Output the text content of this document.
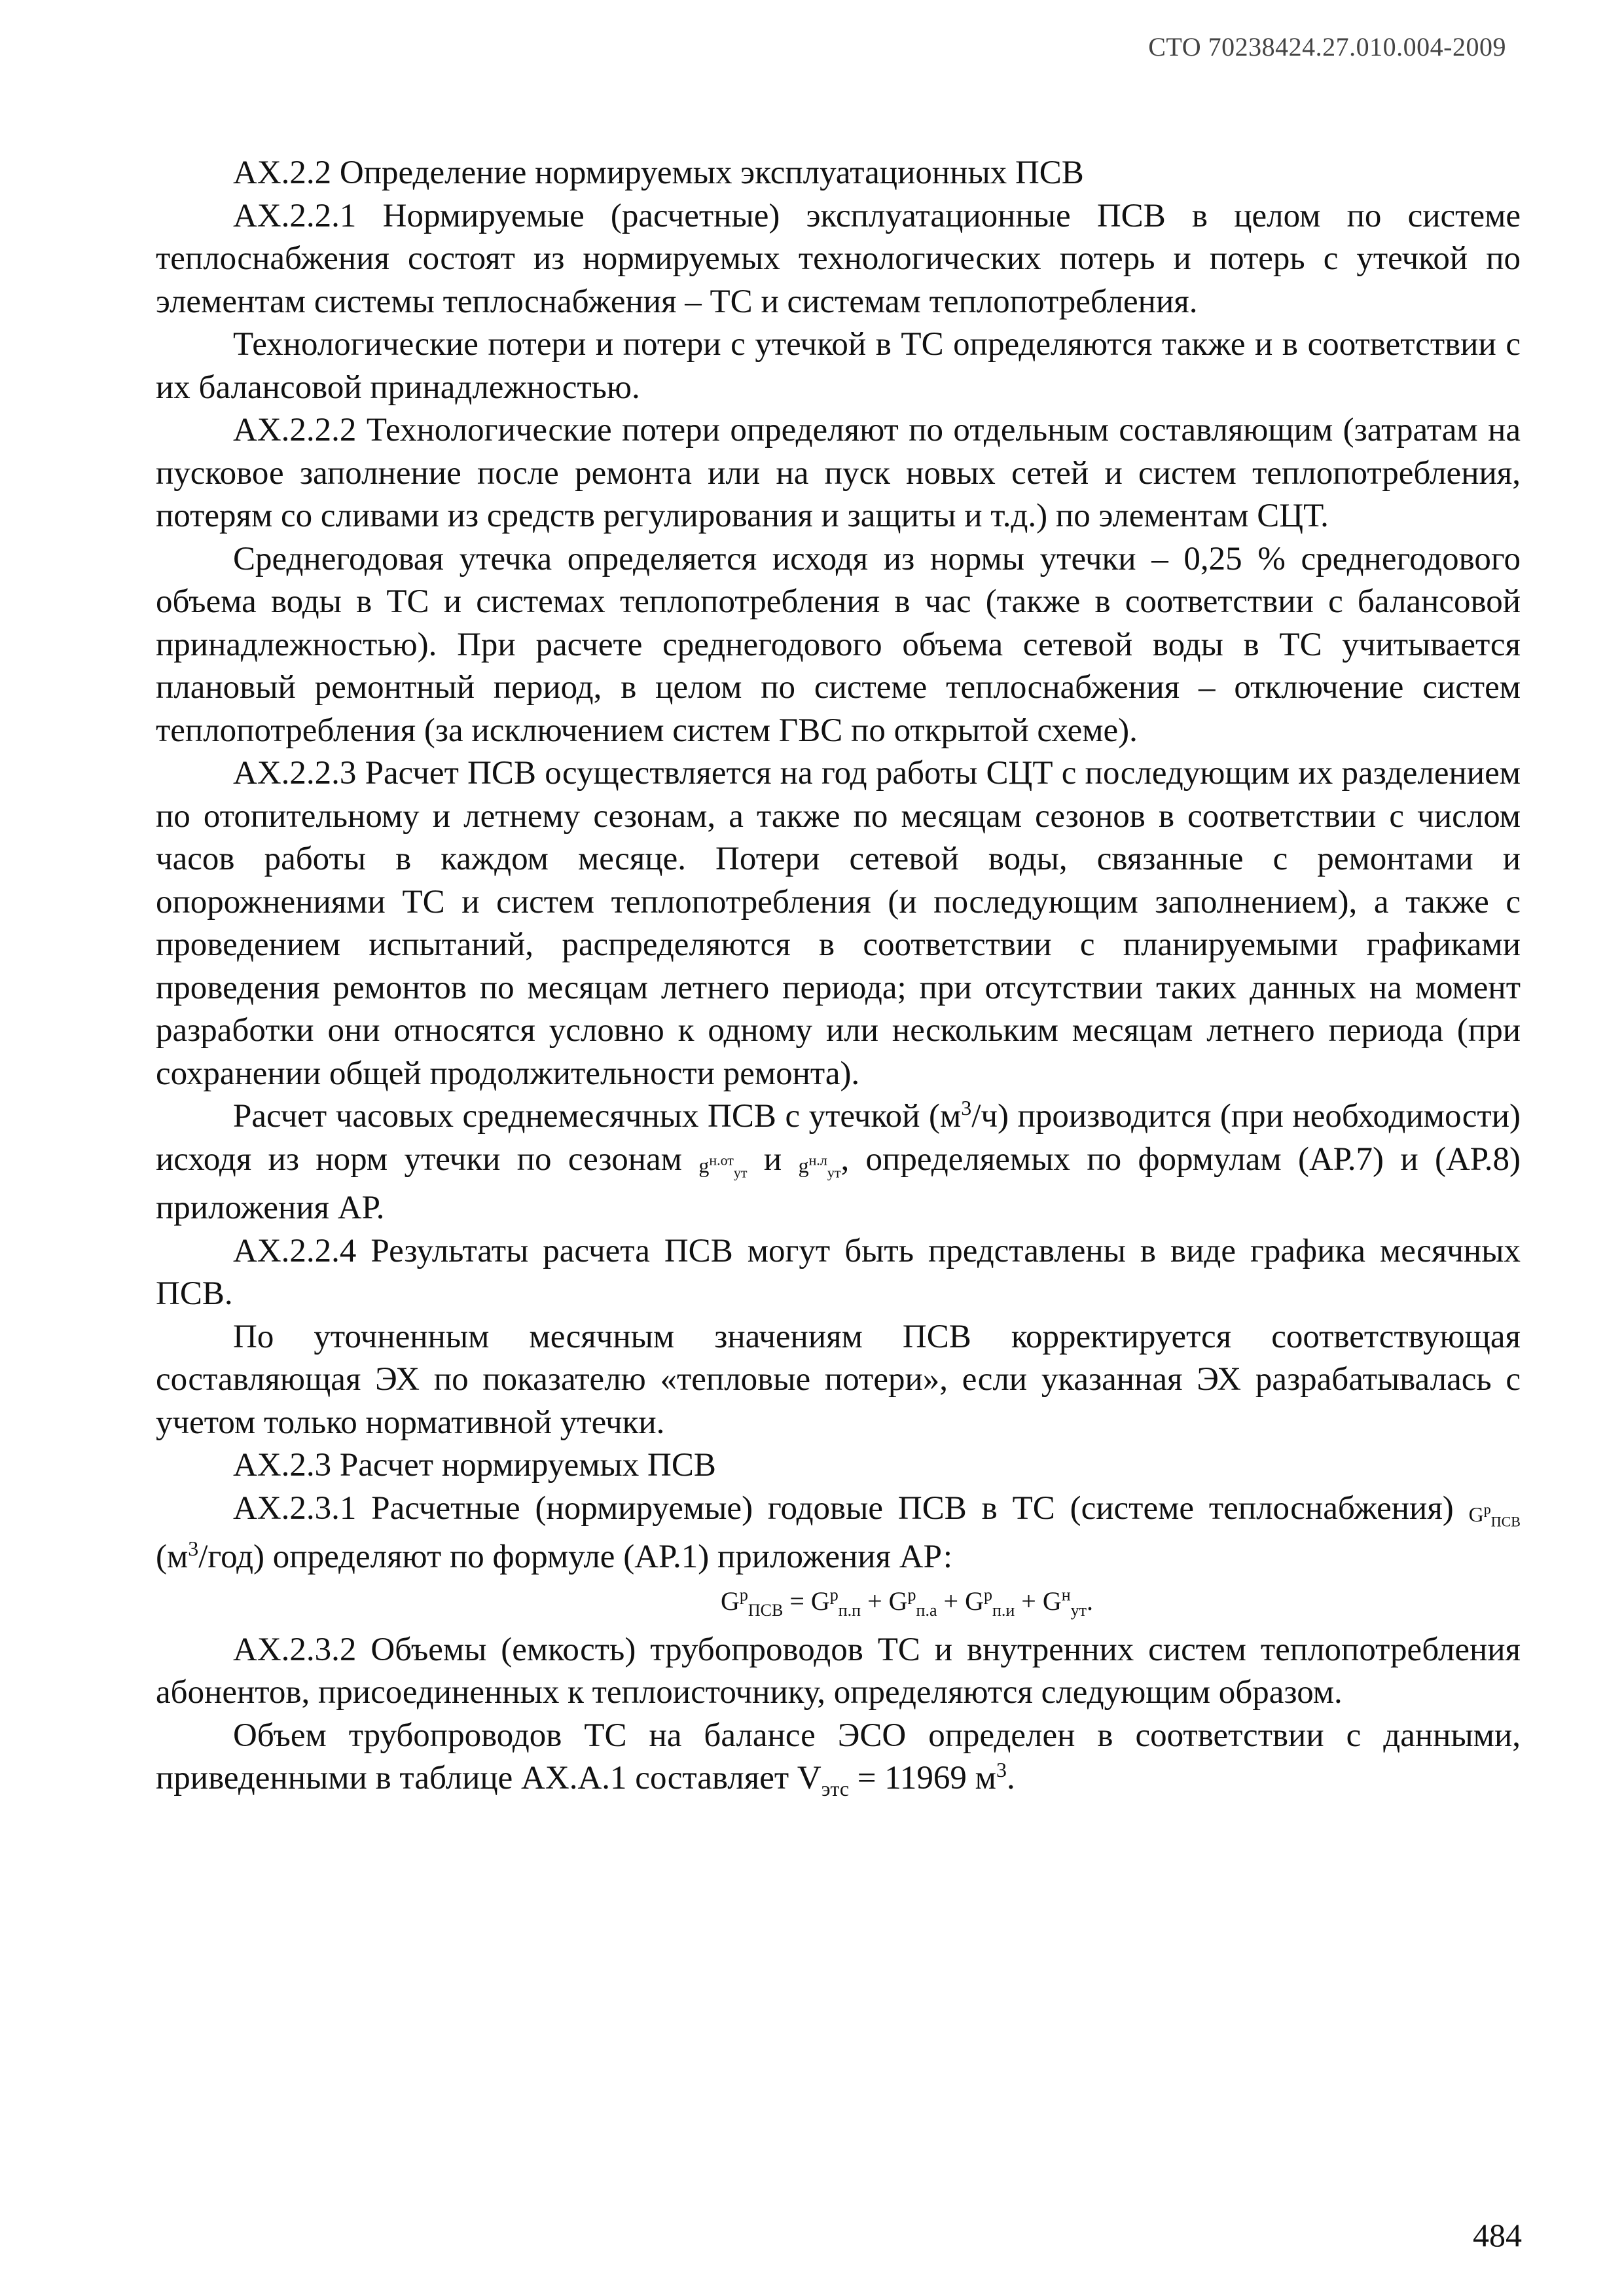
СТО 70238424.27.010.004-2009

АХ.2.2 Определение нормируемых эксплуатационных ПСВ

АХ.2.2.1 Нормируемые (расчетные) эксплуатационные ПСВ в целом по системе теплоснабжения состоят из нормируемых технологических потерь и потерь с утечкой по элементам системы теплоснабжения – ТС и системам теплопотребления.

Технологические потери и потери с утечкой в ТС определяются также и в соответствии с их балансовой принадлежностью.

АХ.2.2.2 Технологические потери определяют по отдельным составляющим (затратам на пусковое заполнение после ремонта или на пуск новых сетей и систем теплопотребления, потерям со сливами из средств регулирования и защиты и т.д.) по элементам СЦТ.

Среднегодовая утечка определяется исходя из нормы утечки – 0,25 % среднегодового объема воды в ТС и системах теплопотребления в час (также в соответствии с балансовой принадлежностью). При расчете среднегодового объема сетевой воды в ТС учитывается плановый ремонтный период, в целом по системе теплоснабжения – отключение систем теплопотребления (за исключением систем ГВС по открытой схеме).

АХ.2.2.3 Расчет ПСВ осуществляется на год работы СЦТ с последующим их разделением по отопительному и летнему сезонам, а также по месяцам сезонов в соответствии с числом часов работы в каждом месяце. Потери сетевой воды, связанные с ремонтами и опорожнениями ТС и систем теплопотребления (и последующим заполнением), а также с проведением испытаний, распределяются в соответствии с планируемыми графиками проведения ремонтов по месяцам летнего периода; при отсутствии таких данных на момент разработки они относятся условно к одному или нескольким месяцам летнего периода (при сохранении общей продолжительности ремонта).

Расчет часовых среднемесячных ПСВ с утечкой $(м^3/ч)$ производится (при необходимости) исходя из норм утечки по сезонам $g^{н.от}_{ут}$ и $g^{н.л}_{ут}$, определяемых по формулам (АР.7) и (АР.8) приложения АР.

АХ.2.2.4 Результаты расчета ПСВ могут быть представлены в виде графика месячных ПСВ.

По уточненным месячным значениям ПСВ корректируется соответствующая составляющая ЭХ по показателю «тепловые потери», если указанная ЭХ разрабатывалась с учетом только нормативной утечки.

АХ.2.3 Расчет нормируемых ПСВ

АХ.2.3.1 Расчетные (нормируемые) годовые ПСВ в ТС (системе теплоснабжения) $G^р_{ПСВ}$ $(м^3/год)$ определяют по формуле (АР.1) приложения АР:

$G^р_{ПСВ} = G^р_{п.п} + G^р_{п.а} + G^р_{п.и} + G^н_{ут}$.

АХ.2.3.2 Объемы (емкость) трубопроводов ТС и внутренних систем теплопотребления абонентов, присоединенных к теплоисточнику, определяются следующим образом.

Объем трубопроводов ТС на балансе ЭСО определен в соответствии с данными, приведенными в таблице АХ.А.1 составляет $V_{этс} = 11969$ $м^3$.

484
